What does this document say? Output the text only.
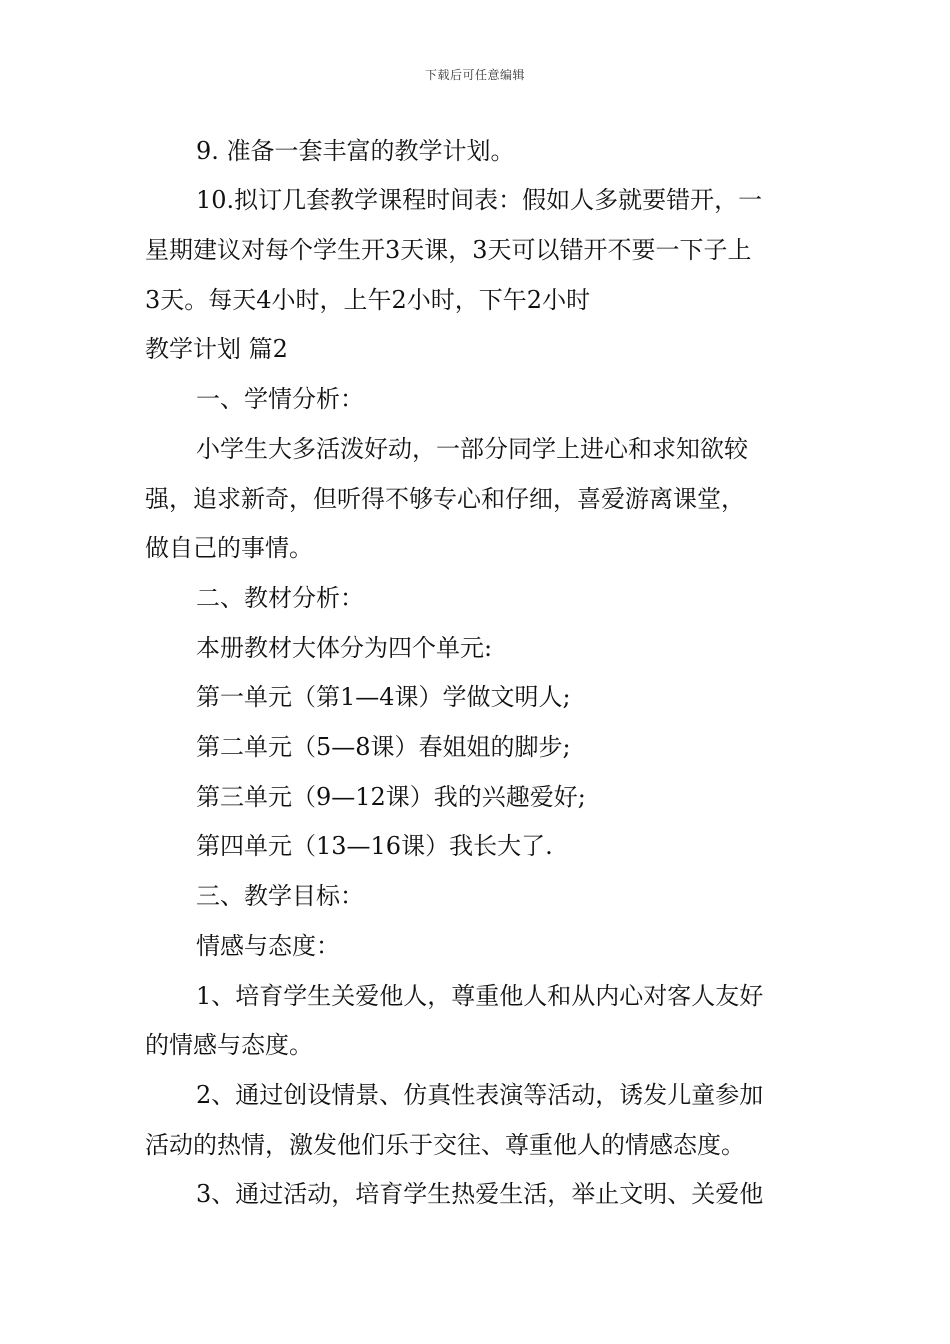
下载后可任意编辑
9. 准备一套丰富的教学计划。
10.拟订几套教学课程时间表：假如人多就要错开，一
星期建议对每个学生开3天课，3天可以错开不要一下子上
3天。每天4小时，上午2小时，下午2小时
教学计划 篇2
一、学情分析：
小学生大多活泼好动，一部分同学上进心和求知欲较
强，追求新奇，但听得不够专心和仔细，喜爱游离课堂，
做自己的事情。
二、教材分析：
本册教材大体分为四个单元:
第一单元（第1—4课）学做文明人;
第二单元（5—8课）春姐姐的脚步;
第三单元（9—12课）我的兴趣爱好;
第四单元（13—16课）我长大了.
三、教学目标：
情感与态度：
1、培育学生关爱他人，尊重他人和从内心对客人友好
的情感与态度。
2、通过创设情景、仿真性表演等活动，诱发儿童参加
活动的热情，激发他们乐于交往、尊重他人的情感态度。
3、通过活动，培育学生热爱生活，举止文明、关爱他
